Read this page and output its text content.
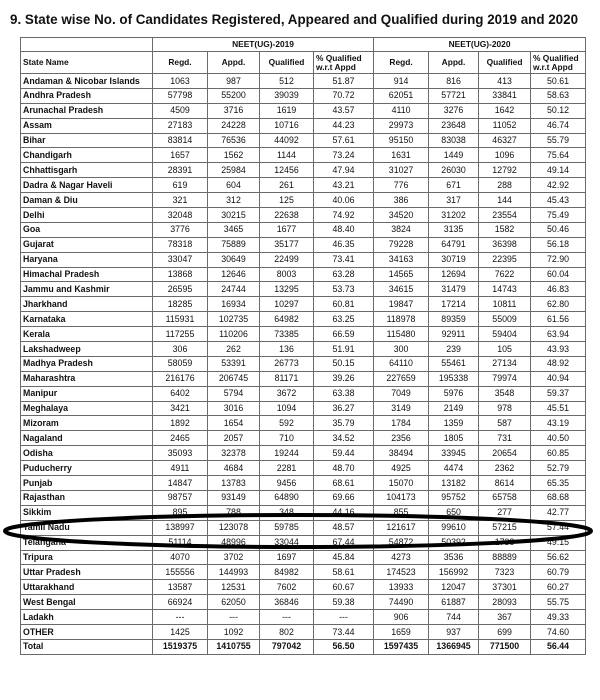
9. State wise No. of Candidates Registered, Appeared and Qualified during 2019 and 2020
	NEET(UG)-2019				NEET(UG)-2020			
State Name	Regd.	Appd.	Qualified	% Qualified w.r.t Appd	Regd.	Appd.	Qualified	% Qualified w.r.t Appd
Andaman & Nicobar Islands	1063	987	512	51.87	914	816	413	50.61
Andhra Pradesh	57798	55200	39039	70.72	62051	57721	33841	58.63
Arunachal Pradesh	4509	3716	1619	43.57	4110	3276	1642	50.12
Assam	27183	24228	10716	44.23	29973	23648	11052	46.74
Bihar	83814	76536	44092	57.61	95150	83038	46327	55.79
Chandigarh	1657	1562	1144	73.24	1631	1449	1096	75.64
Chhattisgarh	28391	25984	12456	47.94	31027	26030	12792	49.14
Dadra & Nagar Haveli	619	604	261	43.21	776	671	288	42.92
Daman & Diu	321	312	125	40.06	386	317	144	45.43
Delhi	32048	30215	22638	74.92	34520	31202	23554	75.49
Goa	3776	3465	1677	48.40	3824	3135	1582	50.46
Gujarat	78318	75889	35177	46.35	79228	64791	36398	56.18
Haryana	33047	30649	22499	73.41	34163	30719	22395	72.90
Himachal Pradesh	13868	12646	8003	63.28	14565	12694	7622	60.04
Jammu and Kashmir	26595	24744	13295	53.73	34615	31479	14743	46.83
Jharkhand	18285	16934	10297	60.81	19847	17214	10811	62.80
Karnataka	115931	102735	64982	63.25	118978	89359	55009	61.56
Kerala	117255	110206	73385	66.59	115480	92911	59404	63.94
Lakshadweep	306	262	136	51.91	300	239	105	43.93
Madhya Pradesh	58059	53391	26773	50.15	64110	55461	27134	48.92
Maharashtra	216176	206745	81171	39.26	227659	195338	79974	40.94
Manipur	6402	5794	3672	63.38	7049	5976	3548	59.37
Meghalaya	3421	3016	1094	36.27	3149	2149	978	45.51
Mizoram	1892	1654	592	35.79	1784	1359	587	43.19
Nagaland	2465	2057	710	34.52	2356	1805	731	40.50
Odisha	35093	32378	19244	59.44	38494	33945	20654	60.85
Puducherry	4911	4684	2281	48.70	4925	4474	2362	52.79
Punjab	14847	13783	9456	68.61	15070	13182	8614	65.35
Rajasthan	98757	93149	64890	69.66	104173	95752	65758	68.68
Sikkim	895	788	348	44.16	855	650	277	42.77
Tamil Nadu	138997	123078	59785	48.57	121617	99610	57215	57.44
Telangana	51114	48996	33044	67.44	54872	50392	1738	49.15
Tripura	4070	3702	1697	45.84	4273	3536	88889	56.62
Uttar Pradesh	155556	144993	84982	58.61	174523	156992	7323	60.79
Uttarakhand	13587	12531	7602	60.67	13933	12047	37301	60.27
West Bengal	66924	62050	36846	59.38	74490	61887	28093	55.75
Ladakh	---	---	---	---	906	744	367	49.33
OTHER	1425	1092	802	73.44	1659	937	699	74.60
Total	1519375	1410755	797042	56.50	1597435	1366945	771500	56.44
